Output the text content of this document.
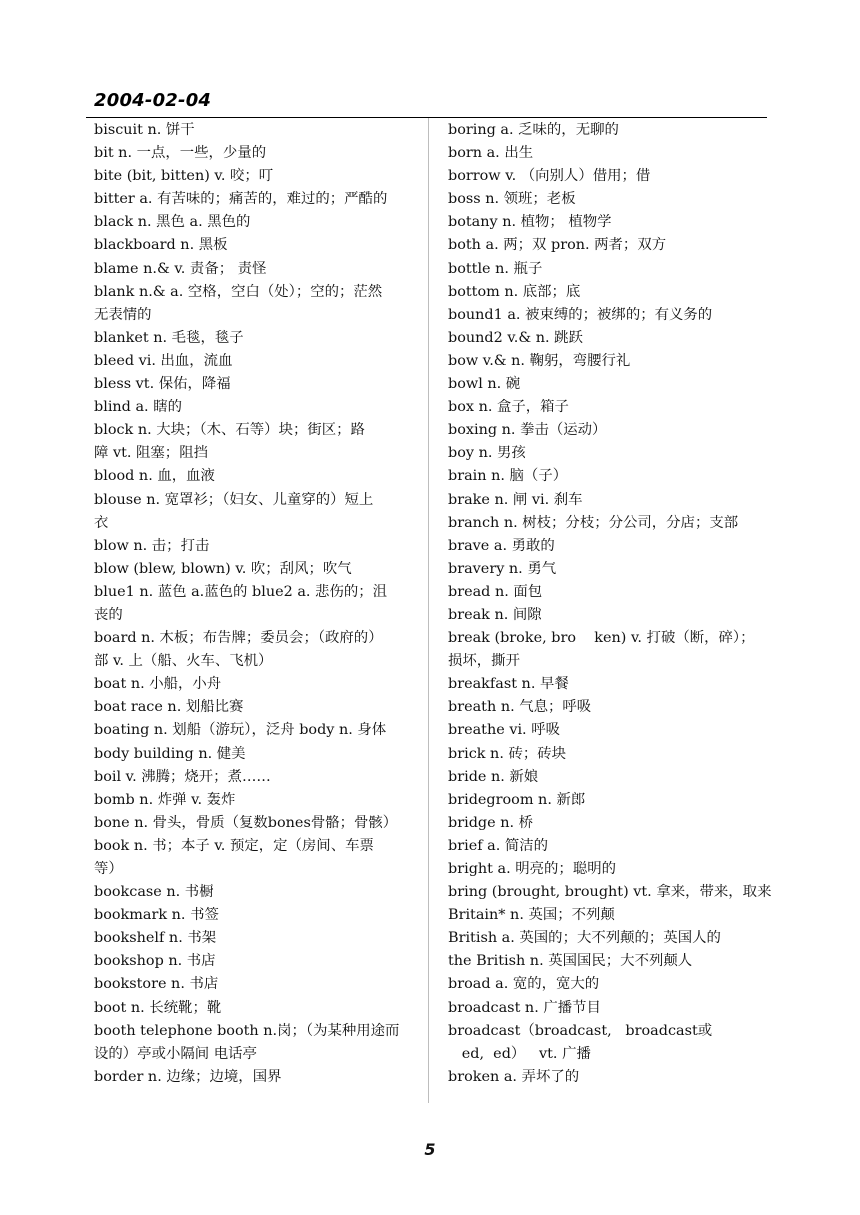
2004-02-04
biscuit n. 饼干
bit n. 一点，一些，少量的
bite (bit, bitten) v. 咬；叮
bitter a. 有苦味的；痛苦的，难过的；严酷的
black n. 黑色 a. 黑色的
blackboard n. 黑板
blame n.& v. 责备； 责怪
blank n.& a. 空格，空白（处）；空的；茫然
无表情的
blanket n. 毛毯，毯子
bleed vi. 出血，流血
bless vt. 保佑，降福
blind a. 瞎的
block n. 大块；（木、石等）块；街区；路
障 vt. 阻塞；阻挡
blood n. 血，血液
blouse n. 宽罩衫；（妇女、儿童穿的）短上
衣
blow n. 击；打击
blow (blew, blown) v. 吹；刮风；吹气
blue1 n. 蓝色 a.蓝色的 blue2 a. 悲伤的；沮
丧的
board n. 木板；布告牌；委员会；（政府的）
部 v. 上（船、火车、飞机）
boat n. 小船，小舟
boat race n. 划船比赛
boating n. 划船（游玩），泛舟 body n. 身体
body building n. 健美
boil v. 沸腾；烧开；煮……
bomb n. 炸弹 v. 轰炸
bone n. 骨头，骨质（复数bones骨骼；骨骸）
book n. 书；本子 v. 预定，定（房间、车票
等）
bookcase n. 书橱
bookmark n. 书签
bookshelf n. 书架
bookshop n. 书店
bookstore n. 书店
boot n. 长统靴；靴
booth telephone booth n.岗；（为某种用途而
设的）亭或小隔间 电话亭
border n. 边缘；边境，国界
boring a. 乏味的，无聊的
born a. 出生
borrow v. （向别人）借用；借
boss n. 领班；老板
botany n. 植物； 植物学
both a. 两；双 pron. 两者；双方
bottle n. 瓶子
bottom n. 底部；底
bound1 a. 被束缚的；被绑的；有义务的
bound2 v.& n. 跳跃
bow v.& n. 鞠躬，弯腰行礼
bowl n. 碗
box n. 盒子，箱子
boxing n. 拳击（运动）
boy n. 男孩
brain n. 脑（子）
brake n. 闸 vi. 刹车
branch n. 树枝；分枝；分公司，分店；支部
brave a. 勇敢的
bravery n. 勇气
bread n. 面包
break n. 间隙
break (broke, bro    ken) v. 打破（断，碎）；
损坏，撕开
breakfast n. 早餐
breath n. 气息；呼吸
breathe vi. 呼吸
brick n. 砖；砖块
bride n. 新娘
bridegroom n. 新郎
bridge n. 桥
brief a. 简洁的
bright a. 明亮的；聪明的
bring (brought, brought) vt. 拿来，带来，取来
Britain* n. 英国；不列颠
British a. 英国的；大不列颠的；英国人的
the British n. 英国国民；大不列颠人
broad a. 宽的，宽大的
broadcast n. 广播节目
broadcast（broadcast,   broadcast或
ed,  ed）   vt. 广播
broken a. 弄坏了的
5
